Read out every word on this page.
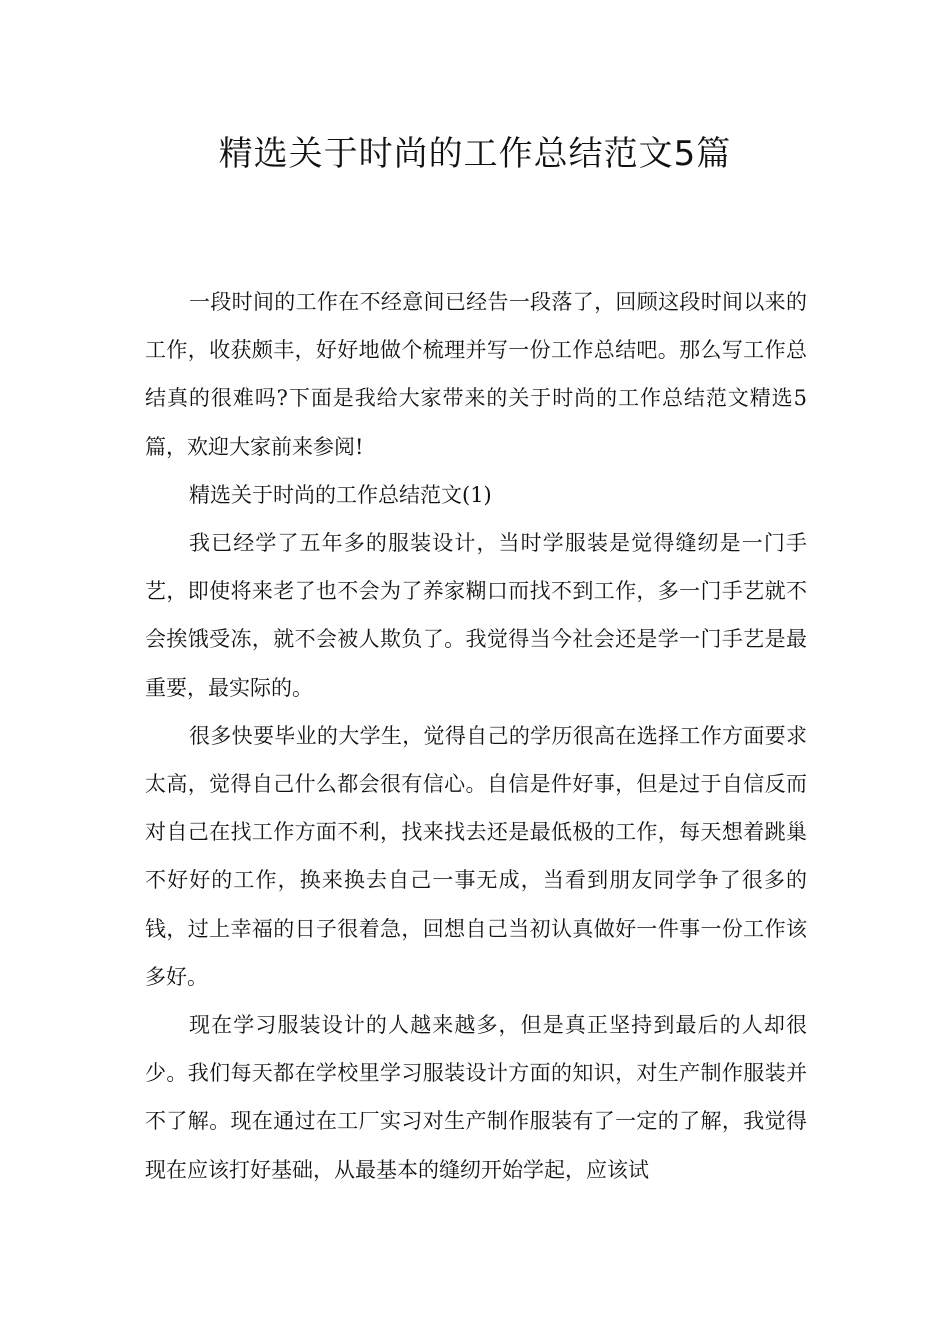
精选关于时尚的工作总结范文5篇

一段时间的工作在不经意间已经告一段落了，回顾这段时间以来的工作，收获颇丰，好好地做个梳理并写一份工作总结吧。那么写工作总结真的很难吗?下面是我给大家带来的关于时尚的工作总结范文精选5篇，欢迎大家前来参阅!

精选关于时尚的工作总结范文(1)

我已经学了五年多的服装设计，当时学服装是觉得缝纫是一门手艺，即使将来老了也不会为了养家糊口而找不到工作，多一门手艺就不会挨饿受冻，就不会被人欺负了。我觉得当今社会还是学一门手艺是最重要，最实际的。

很多快要毕业的大学生，觉得自己的学历很高在选择工作方面要求太高，觉得自己什么都会很有信心。自信是件好事，但是过于自信反而对自己在找工作方面不利，找来找去还是最低极的工作，每天想着跳巢不好好的工作，换来换去自己一事无成，当看到朋友同学争了很多的钱，过上幸福的日子很着急，回想自己当初认真做好一件事一份工作该多好。

现在学习服装设计的人越来越多，但是真正坚持到最后的人却很少。我们每天都在学校里学习服装设计方面的知识，对生产制作服装并不了解。现在通过在工厂实习对生产制作服装有了一定的了解，我觉得现在应该打好基础，从最基本的缝纫开始学起，应该试
